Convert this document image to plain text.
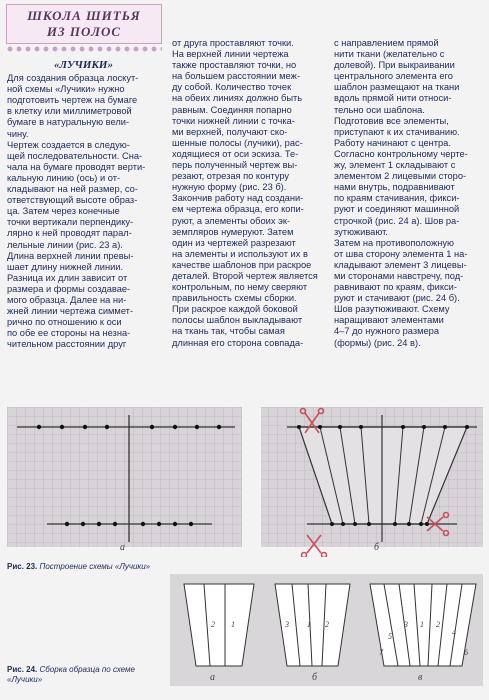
ШКОЛА ШИТЬЯ
ИЗ ПОЛОС
«ЛУЧИКИ»

Для создания образца лоскут-

ной схемы «Лучики» нужно

подготовить чертеж на бумаге

в клетку или миллиметровой

бумаге в натуральную вели-

чину.

Чертеж создается в следую-

щей последовательности. Сна-

чала на бумаге проводят верти-

кальную линию (ось) и от-

кладывают на ней размер, со-

ответствующий высоте образ-

ца. Затем через конечные

точки вертикали перпендику-

лярно к ней проводят парал-

лельные линии (рис. 23 а).

Длина верхней линии превы-

шает длину нижней линии.

Разница их длин зависит от

размера и формы создавае-

мого образца. Далее на ни-

жней линии чертежа симмет-

рично по отношению к оси

по обе ее стороны на незна-

чительном расстоянии друг

от друга проставляют точки.

На верхней линии чертежа

также проставляют точки, но

на большем расстоянии меж-

ду собой. Количество точек

на обеих линиях должно быть

равным. Соединяя попарно

точки нижней линии с точка-

ми верхней, получают ско-

шенные полосы (лучики), рас-

ходящиеся от оси эскиза. Те-

перь полученный чертеж вы-

резают, отрезая по контуру

нужную форму (рис. 23 б).

Закончив работу над создани-

ем чертежа образца, его копи-

руют, а элементы обоих эк-

земпляров нумеруют. Затем

один из чертежей разрезают

на элементы и используют их в

качестве шаблонов при раскрое

деталей. Второй чертеж является

контрольным, по нему сверяют

правильность схемы сборки.

При раскрое каждой боковой

полосы шаблон выкладывают

на ткань так, чтобы самая

длинная его сторона совпада-

с направлением прямой

нити ткани (желательно с

долевой). При выкраивании

центрального элемента его

шаблон размещают на ткани

вдоль прямой нити относи-

тельно оси шаблона.

Подготовив все элементы,

приступают к их стачиванию.

Работу начинают с центра.

Согласно контрольному черте-

жу, элемент 1 складывают с

элементом 2 лицевыми сторо-

нами внутрь, подравнивают

по краям стачивания, фикси-

руют и соединяют машинной

строчкой (рис. 24 а). Шов ра-

зутюживают.

Затем на противоположную

от шва сторону элемента 1 на-

кладывают элемент 3 лицевы-

ми сторонами навстречу, под-

равнивают по краям, фикси-

руют и стачивают (рис. 24 б).

Шов разутюживают. Схему

наращивают элементами

4–7 до нужного размера

(формы) (рис. 24 в).

а	б
Рис. 23. Построение схемы «Лучики»
2 1	3 1 2
7
5
3 1 2
4
6
а	б	в
Рис. 24. Сборка образца по схеме «Лучики»
